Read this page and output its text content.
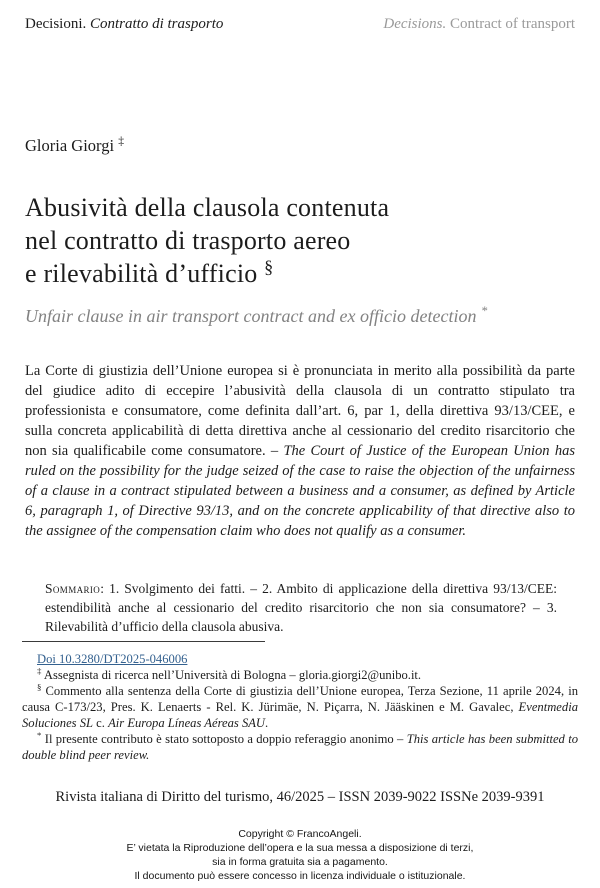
Decisioni. Contratto di trasporto	Decisions. Contract of transport
Gloria Giorgi ‡
Abusività della clausola contenuta
nel contratto di trasporto aereo
e rilevabilità d’ufficio §
Unfair clause in air transport contract and ex officio detection *
La Corte di giustizia dell’Unione europea si è pronunciata in merito alla possibilità da parte del giudice adito di eccepire l’abusività della clausola di un contratto stipulato tra professionista e consumatore, come definita dall’art. 6, par 1, della direttiva 93/13/CEE, e sulla concreta applicabilità di detta direttiva anche al cessionario del credito risarcitorio che non sia qualificabile come consumatore. – The Court of Justice of the European Union has ruled on the possibility for the judge seized of the case to raise the objection of the unfairness of a clause in a contract stipulated between a business and a consumer, as defined by Article 6, paragraph 1, of Directive 93/13, and on the concrete applicability of that directive also to the assignee of the compensation claim who does not qualify as a consumer.
Sommario: 1. Svolgimento dei fatti. – 2. Ambito di applicazione della direttiva 93/13/CEE: estendibilità anche al cessionario del credito risarcitorio che non sia consumatore? – 3. Rilevabilità d’ufficio della clausola abusiva.

Doi 10.3280/DT2025-046006

‡ Assegnista di ricerca nell’Università di Bologna – gloria.giorgi2@unibo.it.

§ Commento alla sentenza della Corte di giustizia dell’Unione europea, Terza Sezione, 11 aprile 2024, in causa C-173/23, Pres. K. Lenaerts - Rel. K. Jürimäe, N. Piçarra, N. Jääskinen e M. Gavalec, Eventmedia Soluciones SL c. Air Europa Líneas Aéreas SAU.

* Il presente contributo è stato sottoposto a doppio referaggio anonimo – This article has been submitted to double blind peer review.

Rivista italiana di Diritto del turismo, 46/2025 – ISSN 2039-9022 ISSNe 2039-9391
Copyright © FrancoAngeli.
E’ vietata la Riproduzione dell’opera e la sua messa a disposizione di terzi,
sia in forma gratuita sia a pagamento.
Il documento può essere concesso in licenza individuale o istituzionale.
